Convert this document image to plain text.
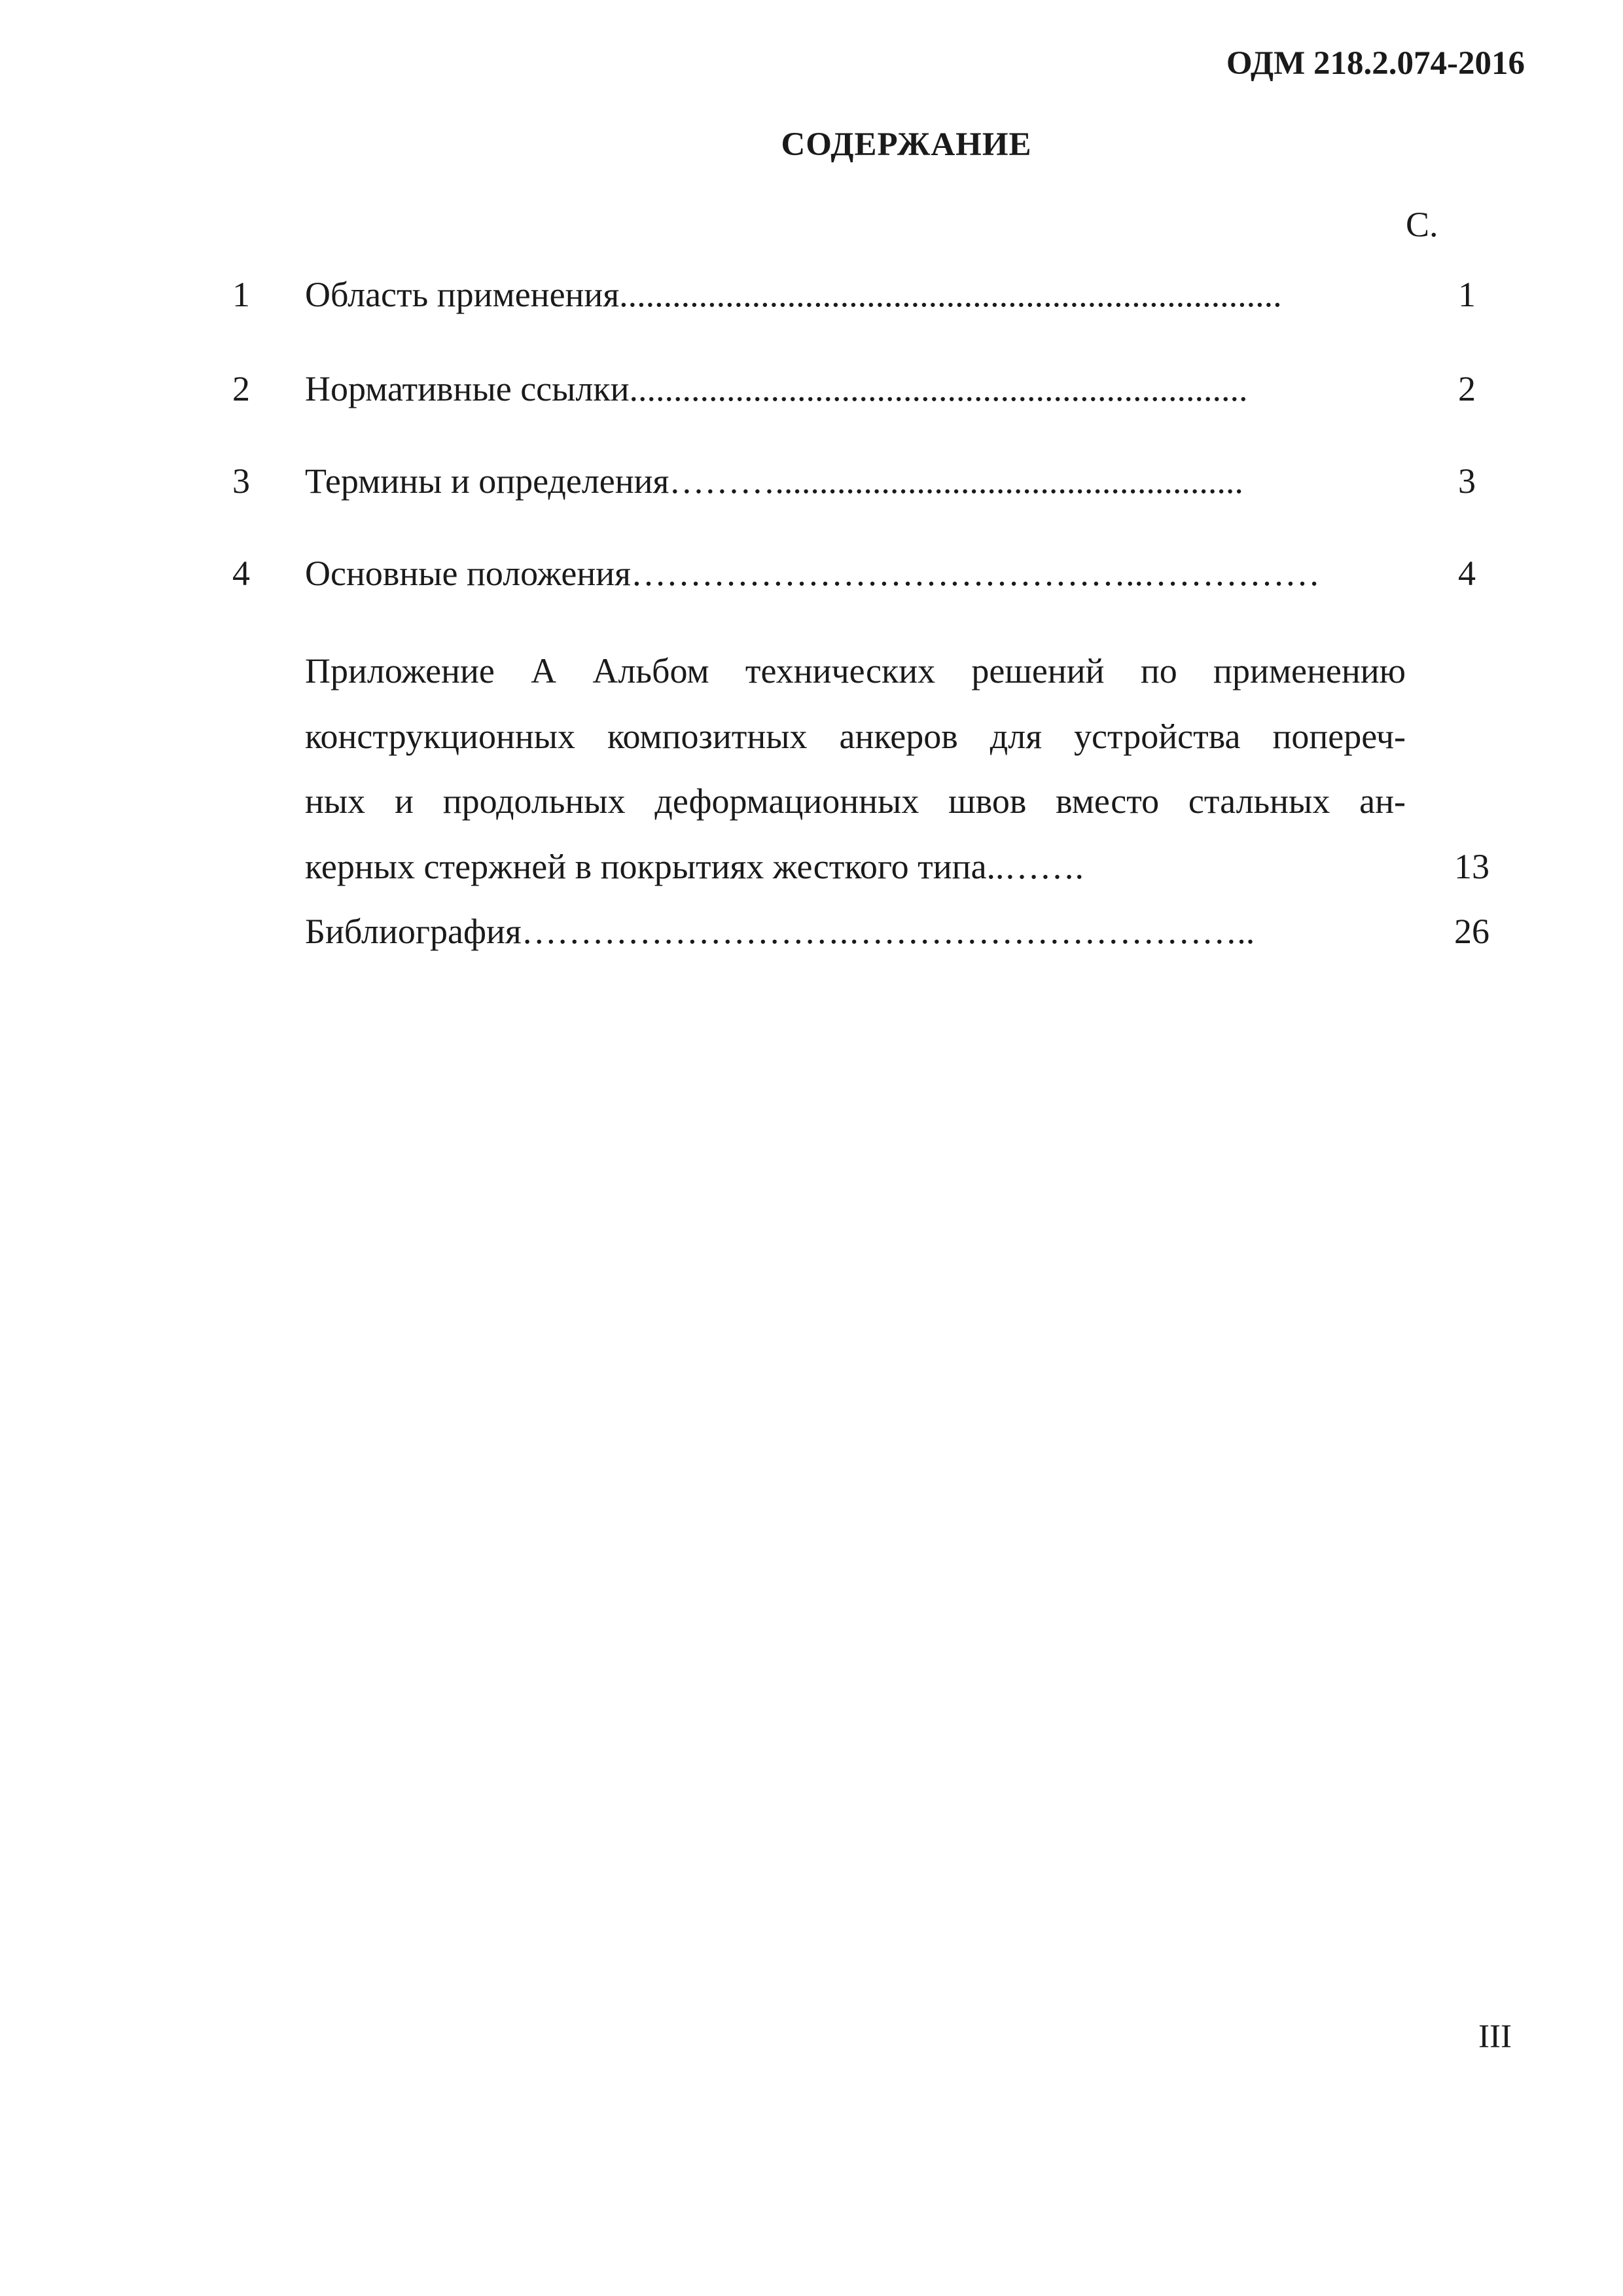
ОДМ 218.2.074-2016
СОДЕРЖАНИЕ
С.
1 Область применения...........................................................................	1
2 Нормативные ссылки......................................................................	2
3 Термины и определения……….....................................................	3
4 Основные положения……………………………………..……………	4
Приложение А Альбом технических решений по применению
конструкционных композитных анкеров для устройства попереч-
ных и продольных деформационных швов вместо стальных ан-
керных стержней в покрытиях жесткого типа..…….	13
Библиография……………………….……………………………..	26
III
